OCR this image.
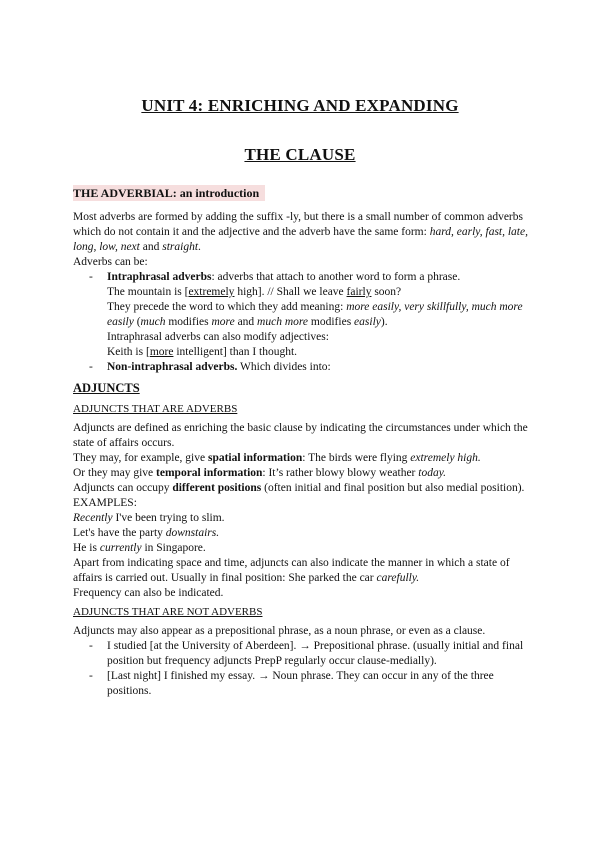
UNIT 4: ENRICHING AND EXPANDING
THE CLAUSE
THE ADVERBIAL: an introduction

Most adverbs are formed by adding the suffix -ly, but there is a small number of common adverbs which do not contain it and the adjective and the adverb have the same form: hard, early, fast, late, long, low, next and straight.

Adverbs can be:

-	Intraphrasal adverbs: adverbs that attach to another word to form a phrase.

The mountain is [extremely high]. // Shall we leave fairly soon?

They precede the word to which they add meaning: more easily, very skillfully, much more easily (much modifies more and much more modifies easily).

Intraphrasal adverbs can also modify adjectives:

Keith is [more intelligent] than I thought.

-	Non-intraphrasal adverbs. Which divides into:
ADJUNCTS
ADJUNCTS THAT ARE ADVERBS

Adjuncts are defined as enriching the basic clause by indicating the circumstances under which the state of affairs occurs.

They may, for example, give spatial information: The birds were flying extremely high.

Or they may give temporal information: It’s rather blowy blowy weather today.

Adjuncts can occupy different positions (often initial and final position but also medial position). EXAMPLES:

Recently I've been trying to slim.

Let's have the party downstairs.

He is currently in Singapore.

Apart from indicating space and time, adjuncts can also indicate the manner in which a state of affairs is carried out. Usually in final position: She parked the car carefully.

Frequency can also be indicated.

ADJUNCTS THAT ARE NOT ADVERBS

Adjuncts may also appear as a prepositional phrase, as a noun phrase, or even as a clause.

-	I studied [at the University of Aberdeen]. → Prepositional phrase. (usually initial and final position but frequency adjuncts PrepP regularly occur clause-medially).
-	[Last night] I finished my essay. → Noun phrase. They can occur in any of the three positions.
